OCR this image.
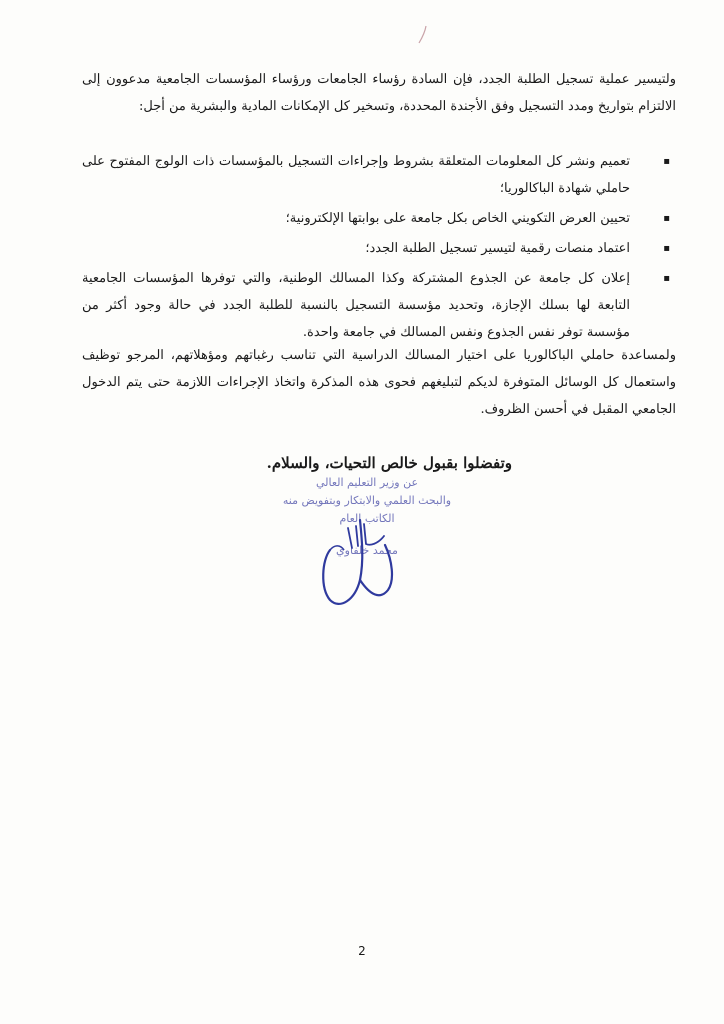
ولتيسير عملية تسجيل الطلبة الجدد، فإن السادة رؤساء الجامعات ورؤساء المؤسسات الجامعية مدعوون إلى الالتزام بتواريخ ومدد التسجيل وفق الأجندة المحددة، وتسخير كل الإمكانات المادية والبشرية من أجل:
▪ تعميم ونشر كل المعلومات المتعلقة بشروط وإجراءات التسجيل بالمؤسسات ذات الولوج المفتوح على حاملي شهادة الباكالوريا؛
▪ تحيين العرض التكويني الخاص بكل جامعة على بوابتها الإلكترونية؛
▪ اعتماد منصات رقمية لتيسير تسجيل الطلبة الجدد؛
▪ إعلان كل جامعة عن الجذوع المشتركة وكذا المسالك الوطنية، والتي توفرها المؤسسات الجامعية التابعة لها بسلك الإجازة، وتحديد مؤسسة التسجيل بالنسبة للطلبة الجدد في حالة وجود أكثر من مؤسسة توفر نفس الجذوع ونفس المسالك في جامعة واحدة.
ولمساعدة حاملي الباكالوريا على اختيار المسالك الدراسية التي تناسب رغباتهم ومؤهلاتهم، المرجو توظيف واستعمال كل الوسائل المتوفرة لديكم لتبليغهم فحوى هذه المذكرة واتخاذ الإجراءات اللازمة حتى يتم الدخول الجامعي المقبل في أحسن الظروف.
وتفضلوا بقبول خالص التحيات، والسلام.
عن وزير التعليم العالي
والبحث العلمي والابتكار وبتفويض منه
الكاتب العام
محمد خلفاوي
2
